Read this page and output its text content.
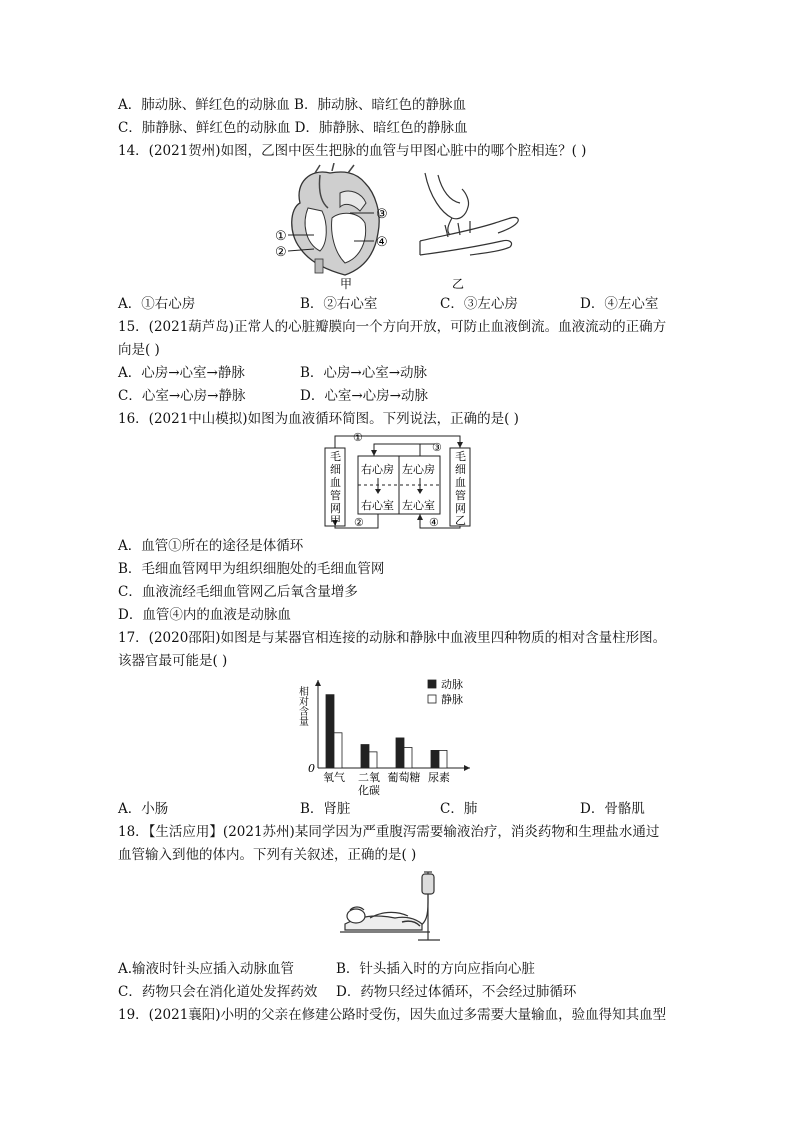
A．肺动脉、鲜红色的动脉血 B．肺动脉、暗红色的静脉血
C．肺静脉、鲜红色的动脉血 D．肺静脉、暗红色的静脉血
14．(2021贺州)如图，乙图中医生把脉的血管与甲图心脏中的哪个腔相连？( )
①
②
③
④
甲	乙
A．①右心房	B．②右心室	C．③左心房	D．④左心室
15．(2021葫芦岛)正常人的心脏瓣膜向一个方向开放，可防止血液倒流。血液流动的正确方
向是( )
A．心房→心室→静脉	B．心房→心室→动脉
C．心室→心房→静脉	D．心室→心房→动脉
16．(2021中山模拟)如图为血液循环简图。下列说法，正确的是( )
毛
细
血
管
网
甲
毛
细
血
管
网
乙
右心房 左心房
右心室 左心室
①
③
②	④
A．血管①所在的途径是体循环
B．毛细血管网甲为组织细胞处的毛细血管网
C．血液流经毛细血管网乙后氧含量增多
D．血管④内的血液是动脉血
17．(2020邵阳)如图是与某器官相连接的动脉和静脉中血液里四种物质的相对含量柱形图。
该器官最可能是( )
0
相对含量
氧气 二氧
化碳
葡萄糖 尿素
动脉
静脉
A．小肠	B．肾脏	C．肺	D．骨骼肌
18．【生活应用】(2021苏州)某同学因为严重腹泻需要输液治疗，消炎药物和生理盐水通过
血管输入到他的体内。下列有关叙述，正确的是( )
A.输液时针头应插入动脉血管	B．针头插入时的方向应指向心脏
C．药物只会在消化道处发挥药效 D．药物只经过体循环，不会经过肺循环
19．(2021襄阳)小明的父亲在修建公路时受伤，因失血过多需要大量输血，验血得知其血型
